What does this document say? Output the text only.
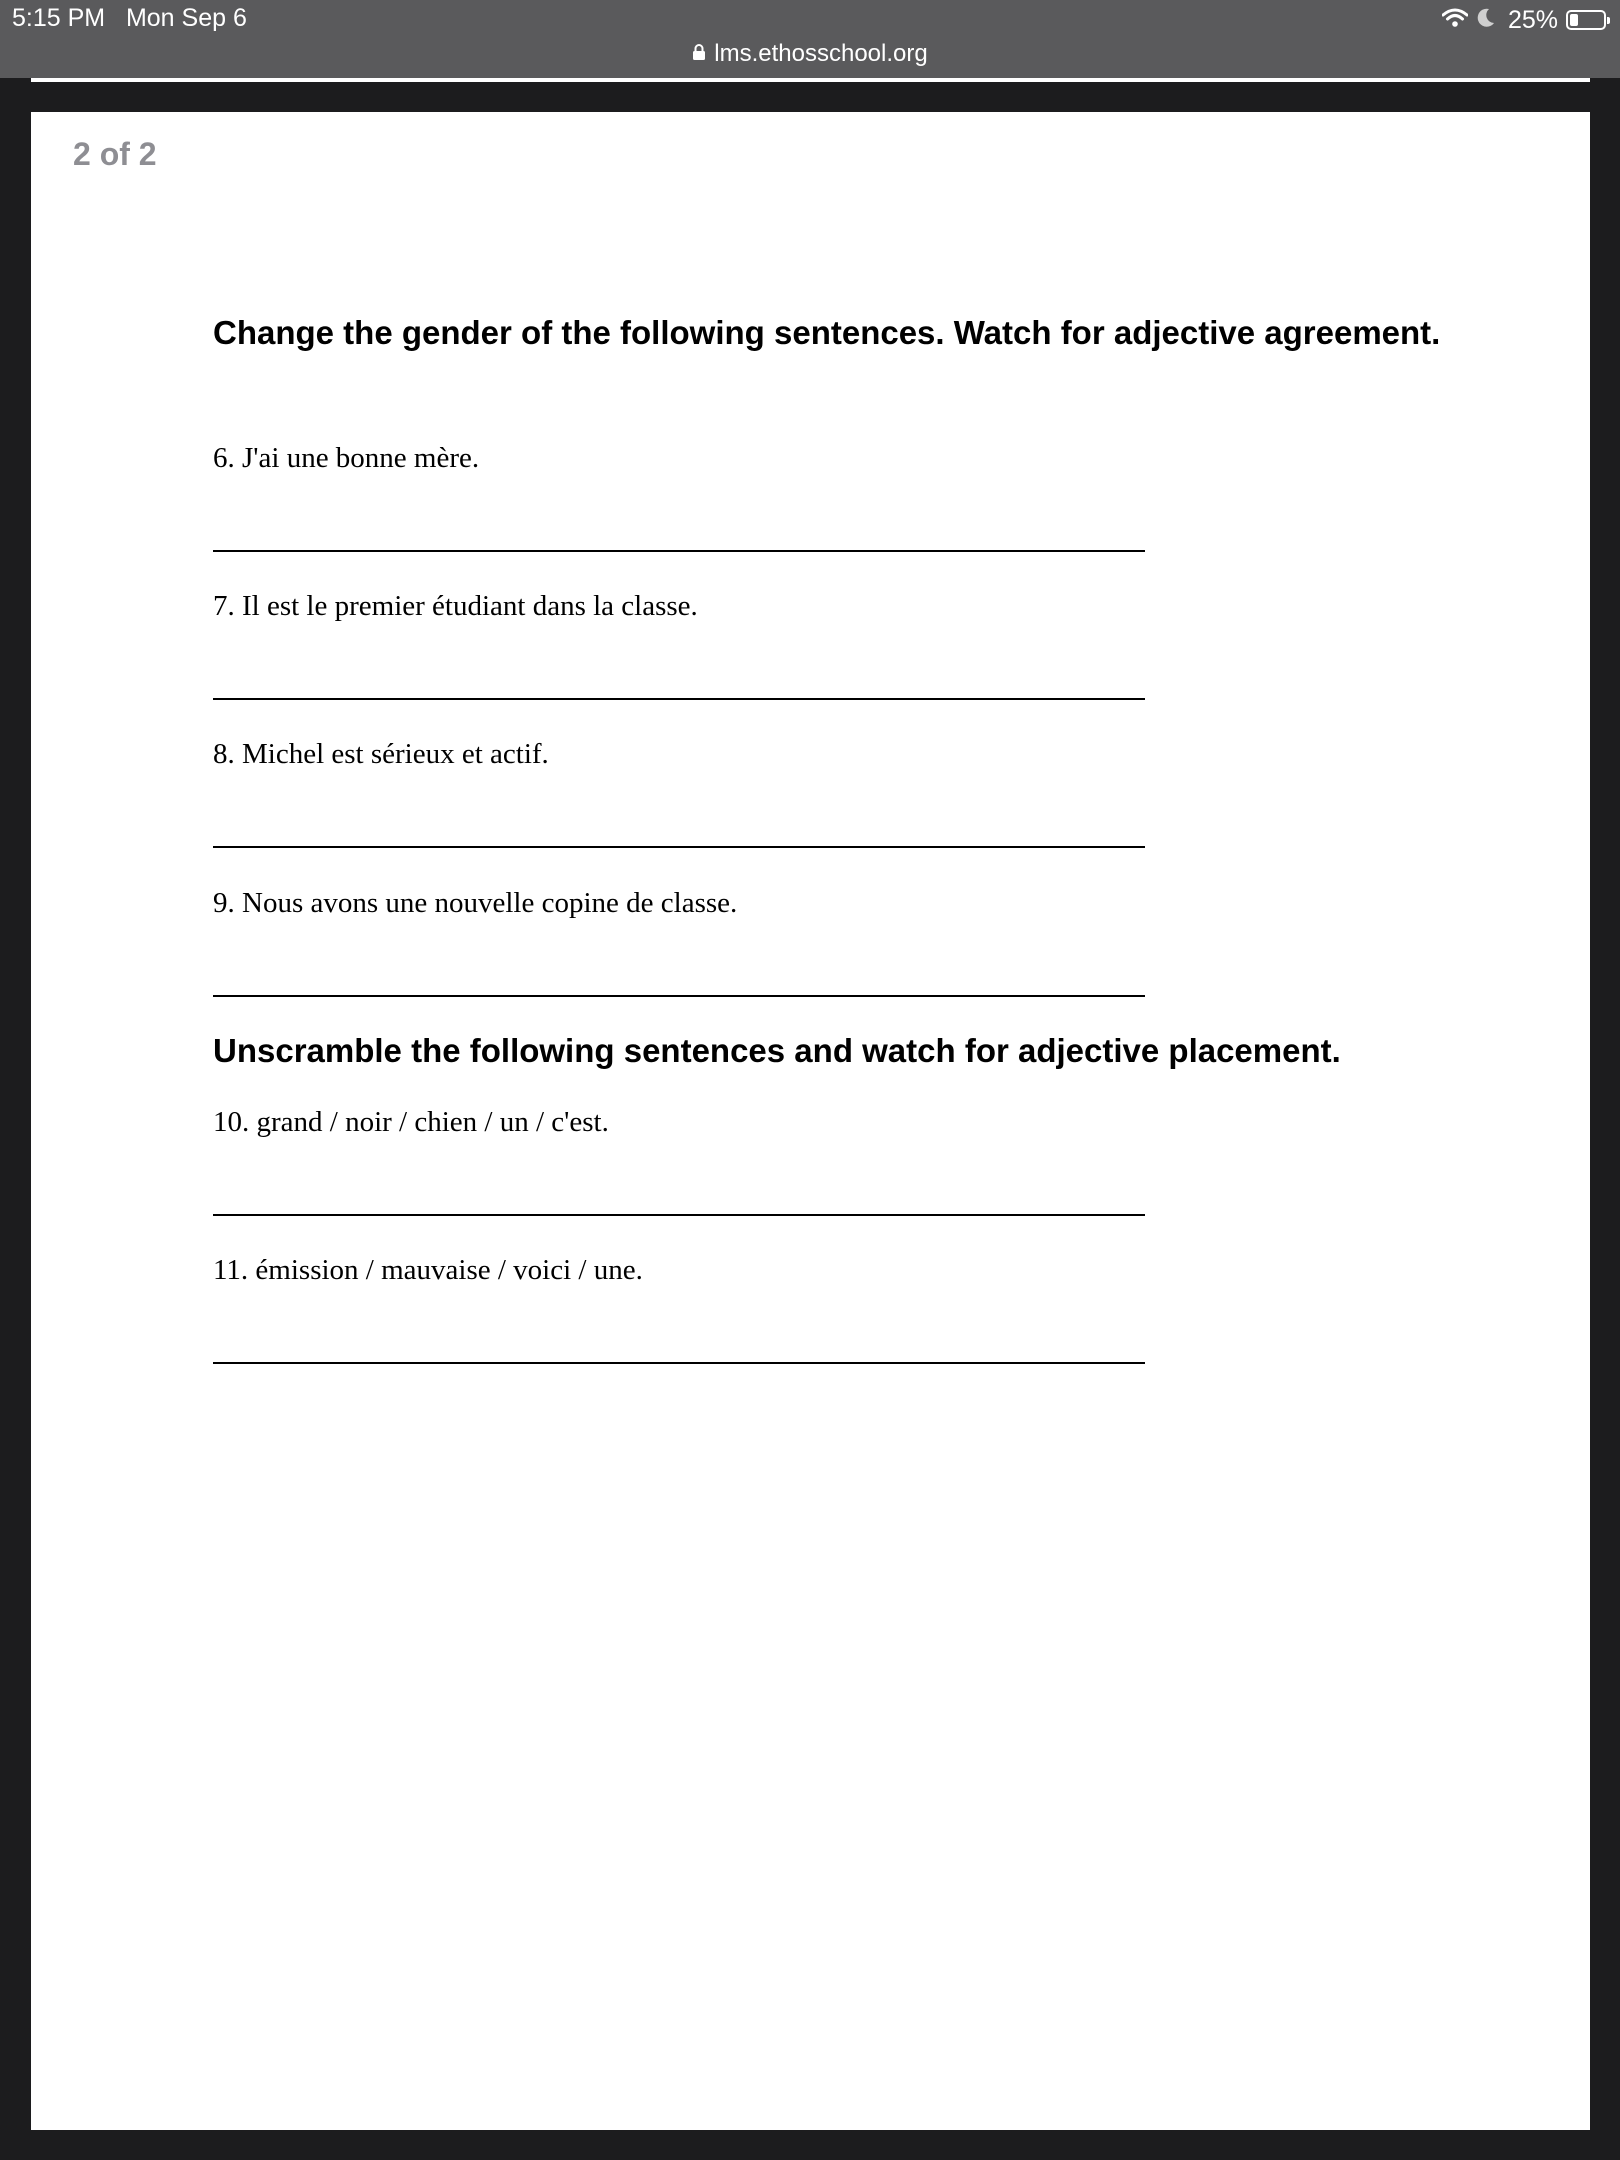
5:15 PM Mon Sep 6	25%
lms.ethosschool.org
2 of 2
Change the gender of the following sentences. Watch for adjective agreement.
6. J'ai une bonne mère.
7. Il est le premier étudiant dans la classe.
8. Michel est sérieux et actif.
9. Nous avons une nouvelle copine de classe.
Unscramble the following sentences and watch for adjective placement.
10. grand / noir / chien / un / c'est.
11. émission / mauvaise / voici / une.
